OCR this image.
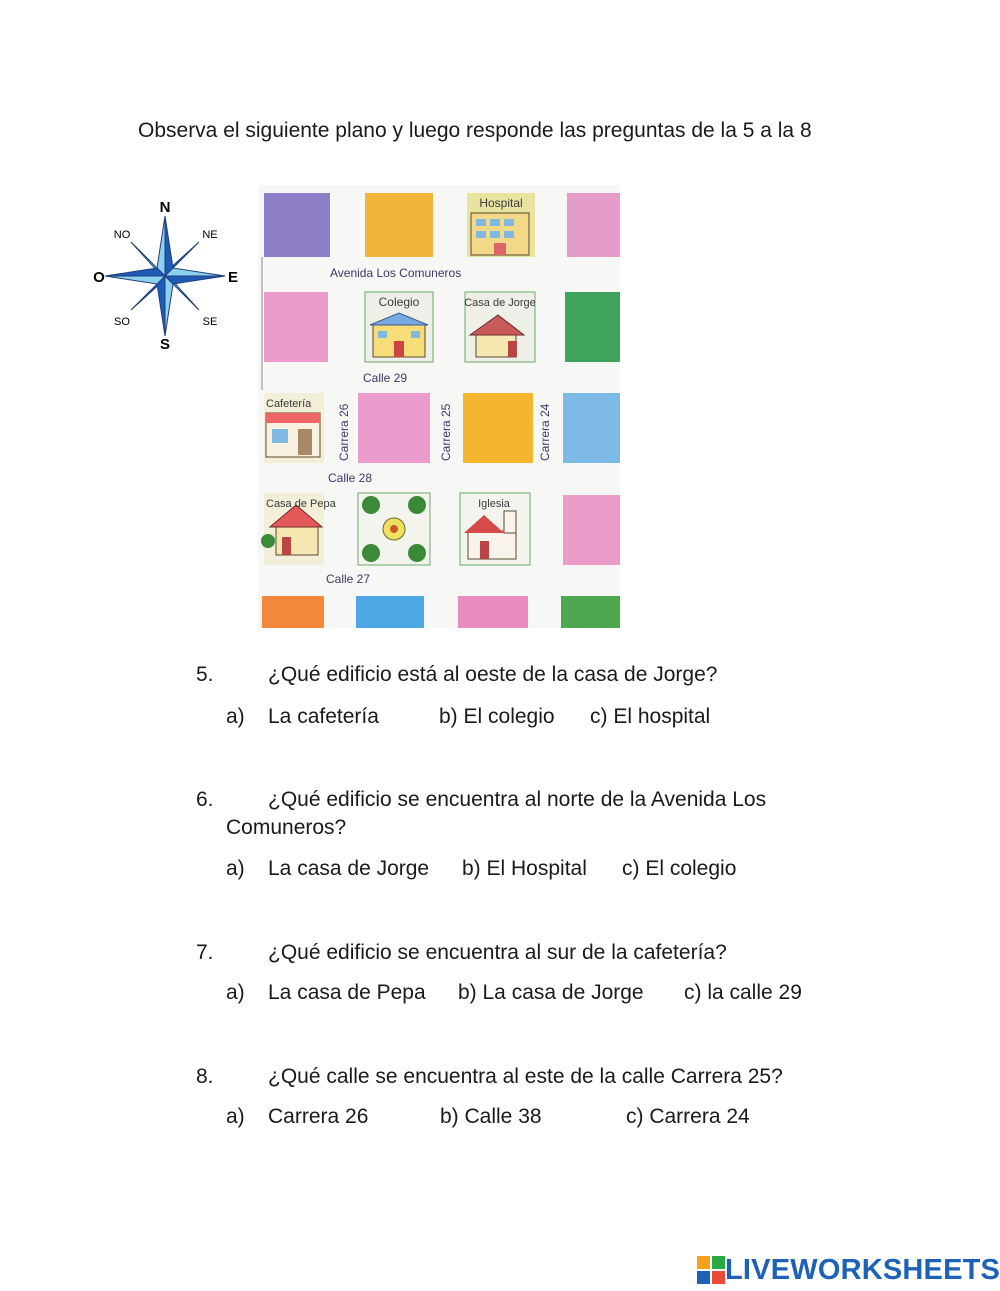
Observa el siguiente plano y luego responde las preguntas de la 5 a la 8
N
S
E
O
NO	NE
SO	SE
Hospital
Avenida Los Comuneros
Colegio	Casa de Jorge
Calle 29
Cafetería Carrera 26	Carrera 25	Carrera 24
Calle 28
Casa de Pepa	Iglesia
Calle 27
5.	¿Qué edificio está al oeste de la casa de Jorge?
a) La cafetería	b) El colegio c) El hospital
6.	¿Qué edificio se encuentra al norte de la Avenida Los
Comuneros?
a) La casa de Jorge b) El Hospital c) El colegio
7.	¿Qué edificio se encuentra al sur de la cafetería?
a) La casa de Pepa b) La casa de Jorge c) la calle 29
8.	¿Qué calle se encuentra al este de la calle Carrera 25?
a) Carrera 26	b) Calle 38	c) Carrera 24
LIVEWORKSHEETS
